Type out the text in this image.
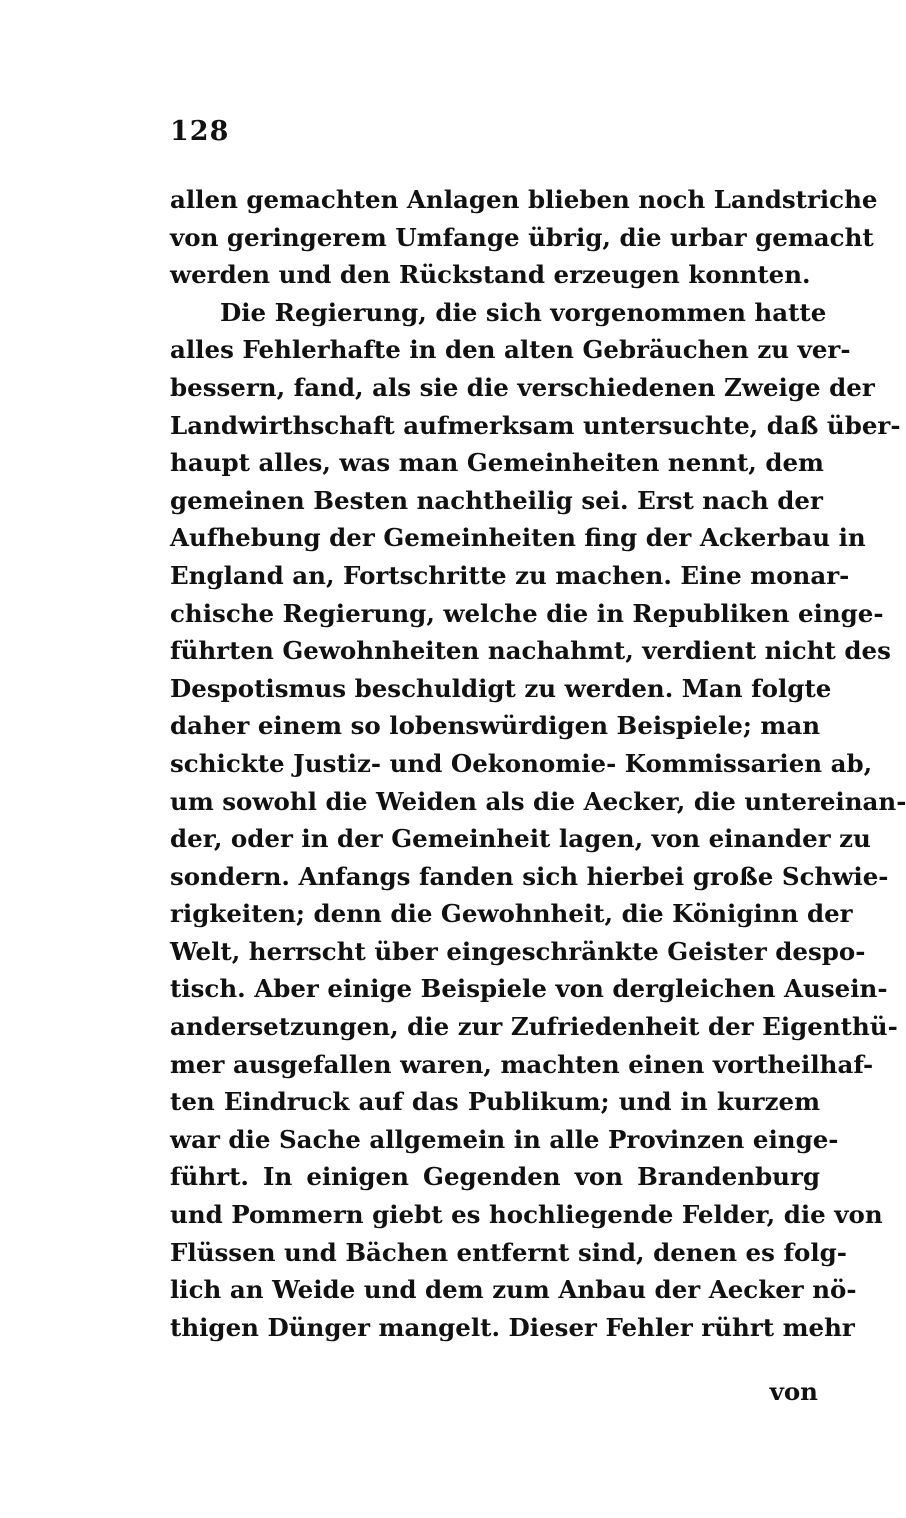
128
allen gemachten Anlagen blieben noch Landstriche
von geringerem Umfange übrig, die urbar gemacht
werden und den Rückstand erzeugen konnten.
Die Regierung, die sich vorgenommen hatte
alles Fehlerhafte in den alten Gebräuchen zu ver-
bessern, fand, als sie die verschiedenen Zweige der
Landwirthschaft aufmerksam untersuchte, daß über-
haupt alles, was man Gemeinheiten nennt, dem
gemeinen Besten nachtheilig sei. Erst nach der
Aufhebung der Gemeinheiten fing der Ackerbau in
England an, Fortschritte zu machen. Eine monar-
chische Regierung, welche die in Republiken einge-
führten Gewohnheiten nachahmt, verdient nicht des
Despotismus beschuldigt zu werden. Man folgte
daher einem so lobenswürdigen Beispiele; man
schickte Justiz- und Oekonomie- Kommissarien ab,
um sowohl die Weiden als die Aecker, die untereinan-
der, oder in der Gemeinheit lagen, von einander zu
sondern. Anfangs fanden sich hierbei große Schwie-
rigkeiten; denn die Gewohnheit, die Königinn der
Welt, herrscht über eingeschränkte Geister despo-
tisch. Aber einige Beispiele von dergleichen Ausein-
andersetzungen, die zur Zufriedenheit der Eigenthü-
mer ausgefallen waren, machten einen vortheilhaf-
ten Eindruck auf das Publikum; und in kurzem
war die Sache allgemein in alle Provinzen einge-
führt. In einigen Gegenden von Brandenburg
und Pommern giebt es hochliegende Felder, die von
Flüssen und Bächen entfernt sind, denen es folg-
lich an Weide und dem zum Anbau der Aecker nö-
thigen Dünger mangelt. Dieser Fehler rührt mehr
von
